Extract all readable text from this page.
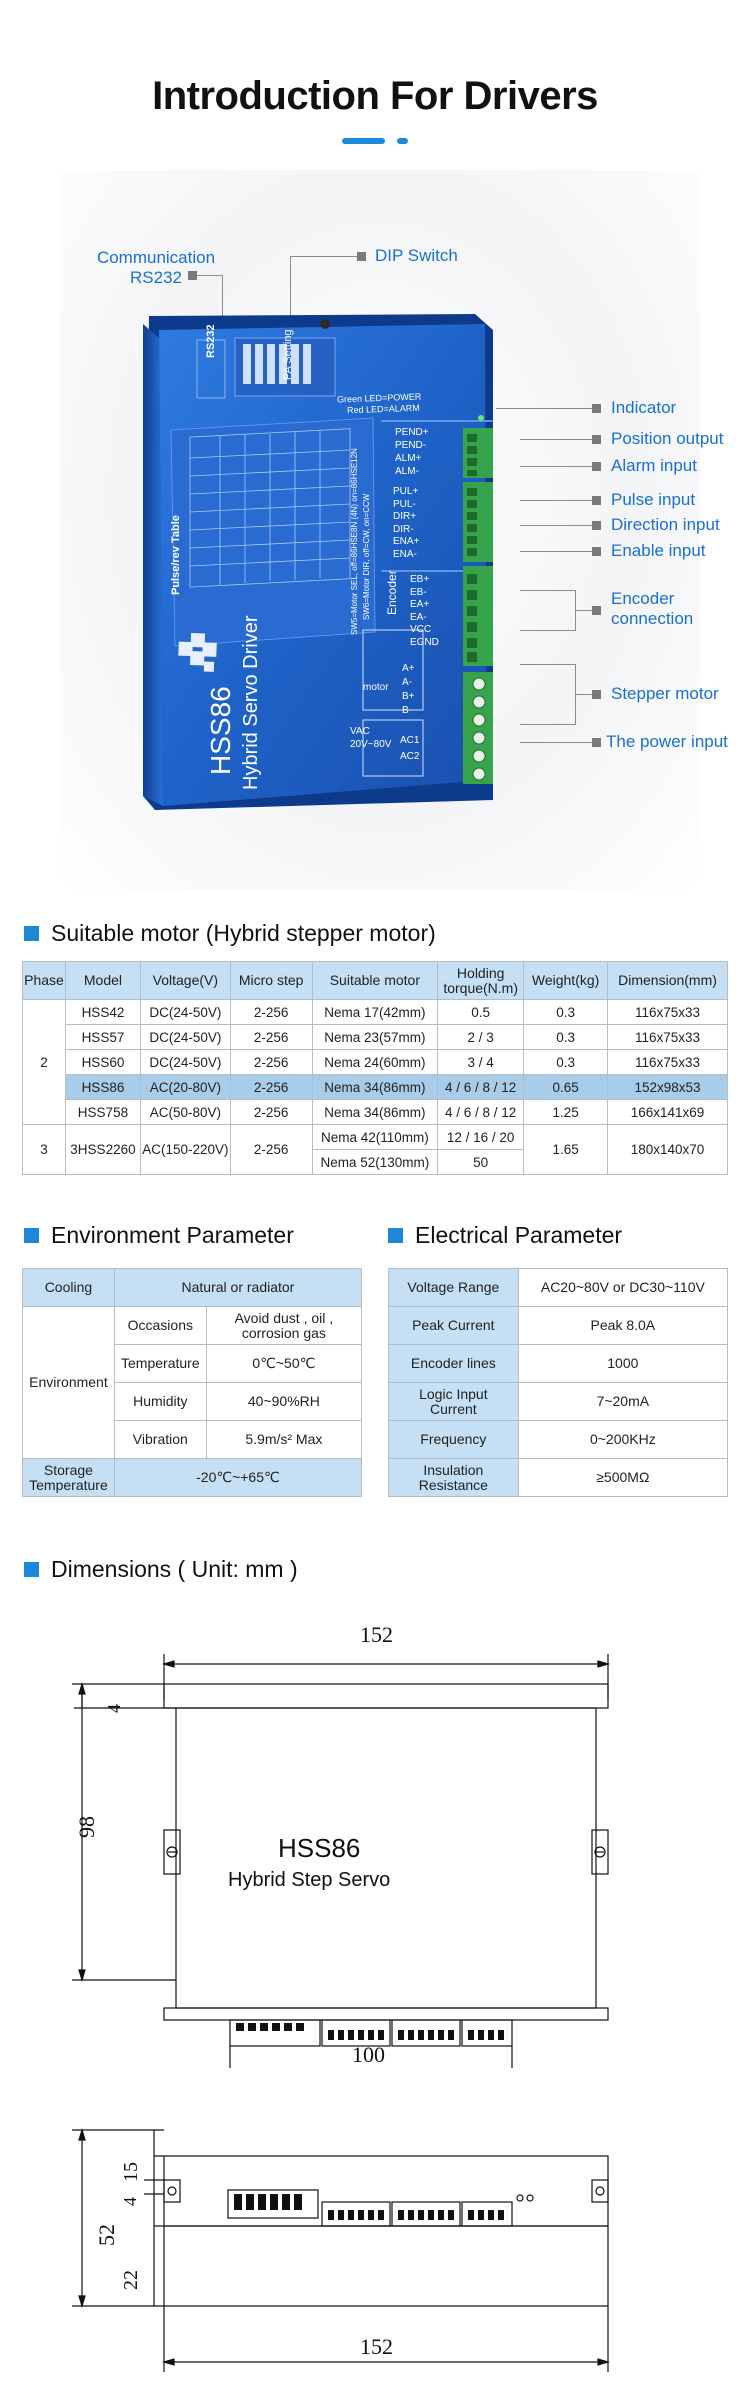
Introduction For Drivers
Communication
RS232
DIP Switch
RS232	PA Setting
Green LED=POWER
Red LED=ALARM
Pulse/rev Table
HSS86 Hybrid Servo Driver
SW5=Motor SEL, off=86HSE8N (4N) on=86HSE12N SW6=Motor DIR, off=CW, on=CCW
PEND+
PEND-
ALM+
ALM-
PUL+
PUL-
DIR+
DIR-
ENA+
ENA-
Encoder EB+
EB-
EA+
EA-
VCC
EGND
motor
A+
A-
B+
B-
VAC
20V~80V AC1
AC2
Indicator
Position output
Alarm input
Pulse input
Direction input
Enable input
Encoder
connection
Stepper motor
The power input
Suitable motor (Hybrid stepper motor)
Phase	Model	Voltage(V)	Micro step	Suitable motor	Holding torque(N.m)	Weight(kg)	Dimension(mm)
2	HSS42	DC(24-50V)	2-256	Nema 17(42mm)	0.5	0.3	116x75x33
	HSS57	DC(24-50V)	2-256	Nema 23(57mm)	2 / 3	0.3	116x75x33
	HSS60	DC(24-50V)	2-256	Nema 24(60mm)	3 / 4	0.3	116x75x33
	HSS86	AC(20-80V)	2-256	Nema 34(86mm)	4 / 6 / 8 / 12	0.65	152x98x53
	HSS758	AC(50-80V)	2-256	Nema 34(86mm)	4 / 6 / 8 / 12	1.25	166x141x69
3	3HSS2260	AC(150-220V)	2-256	Nema 42(110mm)	12 / 16 / 20	1.65	180x140x70
				Nema 52(130mm)	50		
Environment Parameter
Cooling	Natural or radiator	
Environment	Occasions	Avoid dust , oil ,
corrosion gas
	Temperature	0℃~50℃
	Humidity	40~90%RH
	Vibration	5.9m/s² Max
Storage
Temperature	-20℃~+65℃	
Electrical Parameter
Voltage Range	AC20~80V or DC30~110V
Peak Current	Peak 8.0A
Encoder lines	1000
Logic Input
Current	7~20mA
Frequency	0~200KHz
Insulation
Resistance	≥500MΩ
Dimensions ( Unit: mm )
152
98
4
100
HSS86
Hybrid Step Servo
15
4
52
22
152
